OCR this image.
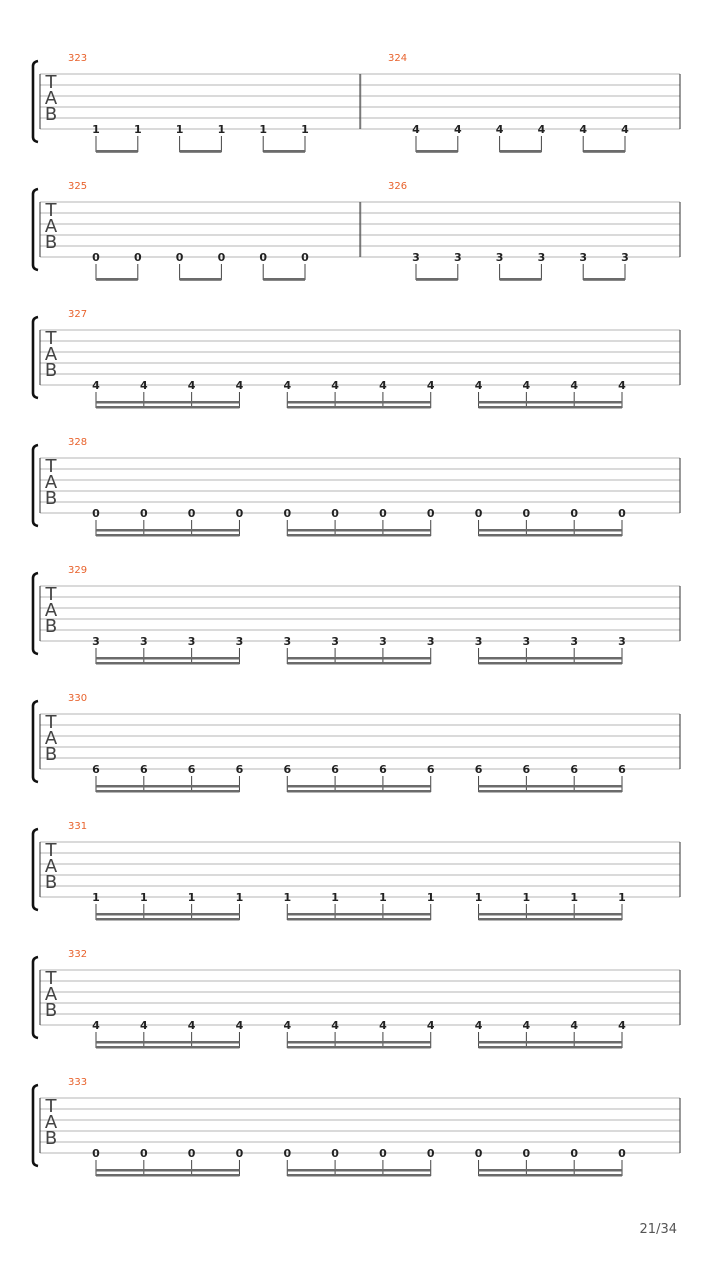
T
A
B
323
1	1	1	1	1	1
324
4	4	4	4	4	4
T
A
B
325
0	0	0	0	0	0
326
3	3	3	3	3	3
T
A
B
327
4	4	4	4	4	4	4	4	4	4	4	4
T
A
B
328
0	0	0	0	0	0	0	0	0	0	0	0
T
A
B
329
3	3	3	3	3	3	3	3	3	3	3	3
T
A
B
330
6	6	6	6	6	6	6	6	6	6	6	6
T
A
B
331
1	1	1	1	1	1	1	1	1	1	1	1
T
A
B
332
4	4	4	4	4	4	4	4	4	4	4	4
T
A
B
333
0	0	0	0	0	0	0	0	0	0	0	0
21/34
